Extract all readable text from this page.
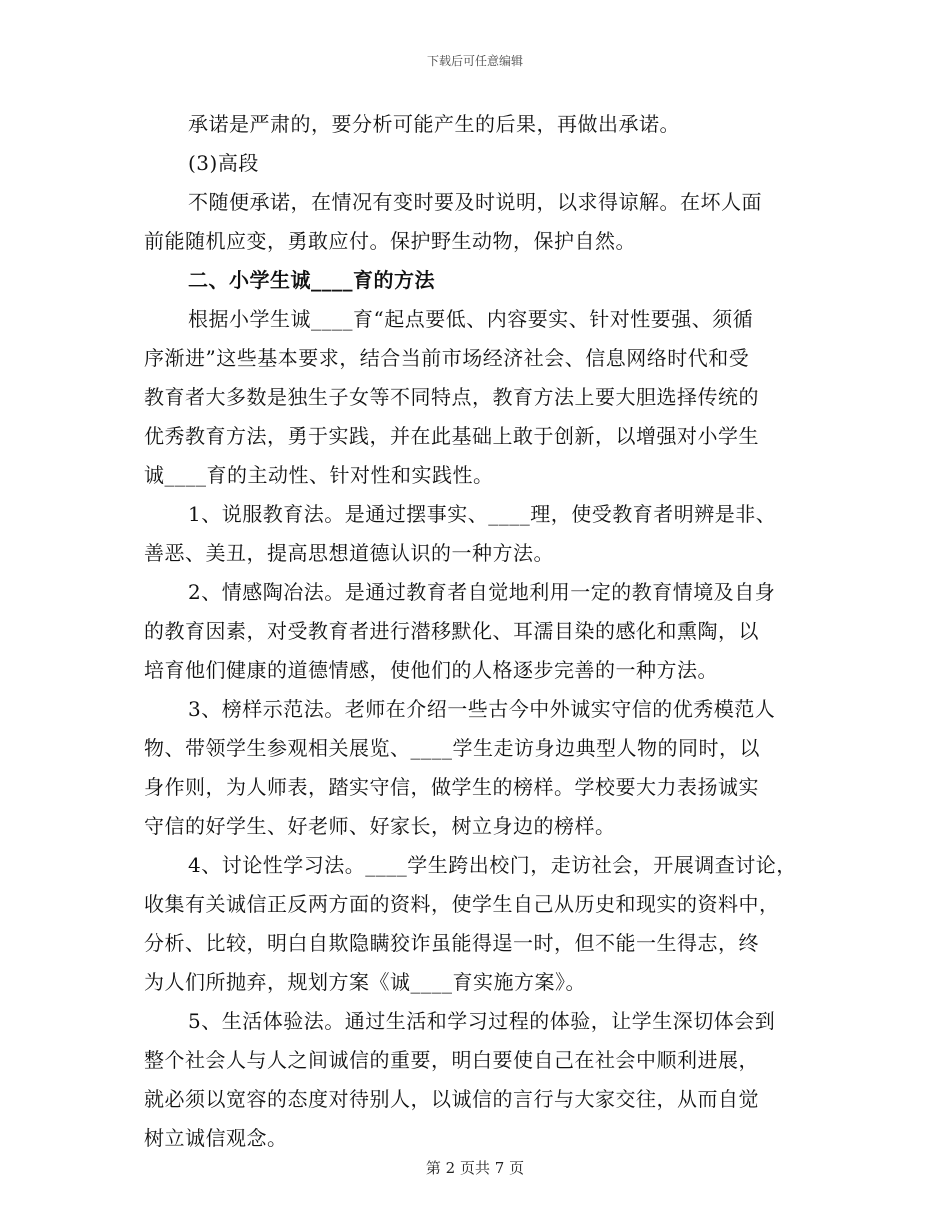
下载后可任意编辑
承诺是严肃的，要分析可能产生的后果，再做出承诺。
(3)高段
不随便承诺，在情况有变时要及时说明，以求得谅解。在坏人面
前能随机应变，勇敢应付。保护野生动物，保护自然。
二、小学生诚____育的方法
根据小学生诚____育“起点要低、内容要实、针对性要强、须循
序渐进”这些基本要求，结合当前市场经济社会、信息网络时代和受
教育者大多数是独生子女等不同特点，教育方法上要大胆选择传统的
优秀教育方法，勇于实践，并在此基础上敢于创新，以增强对小学生
诚____育的主动性、针对性和实践性。
1、说服教育法。是通过摆事实、____理，使受教育者明辨是非、
善恶、美丑，提高思想道德认识的一种方法。
2、情感陶冶法。是通过教育者自觉地利用一定的教育情境及自身
的教育因素，对受教育者进行潜移默化、耳濡目染的感化和熏陶，以
培育他们健康的道德情感，使他们的人格逐步完善的一种方法。
3、榜样示范法。老师在介绍一些古今中外诚实守信的优秀模范人
物、带领学生参观相关展览、____学生走访身边典型人物的同时，以
身作则，为人师表，踏实守信，做学生的榜样。学校要大力表扬诚实
守信的好学生、好老师、好家长，树立身边的榜样。
4、讨论性学习法。____学生跨出校门，走访社会，开展调查讨论，
收集有关诚信正反两方面的资料，使学生自己从历史和现实的资料中，
分析、比较，明白自欺隐瞒狡诈虽能得逞一时，但不能一生得志，终
为人们所抛弃，规划方案《诚____育实施方案》。
5、生活体验法。通过生活和学习过程的体验，让学生深切体会到
整个社会人与人之间诚信的重要，明白要使自己在社会中顺利进展，
就必须以宽容的态度对待别人，以诚信的言行与大家交往，从而自觉
树立诚信观念。
第 2 页共 7 页
